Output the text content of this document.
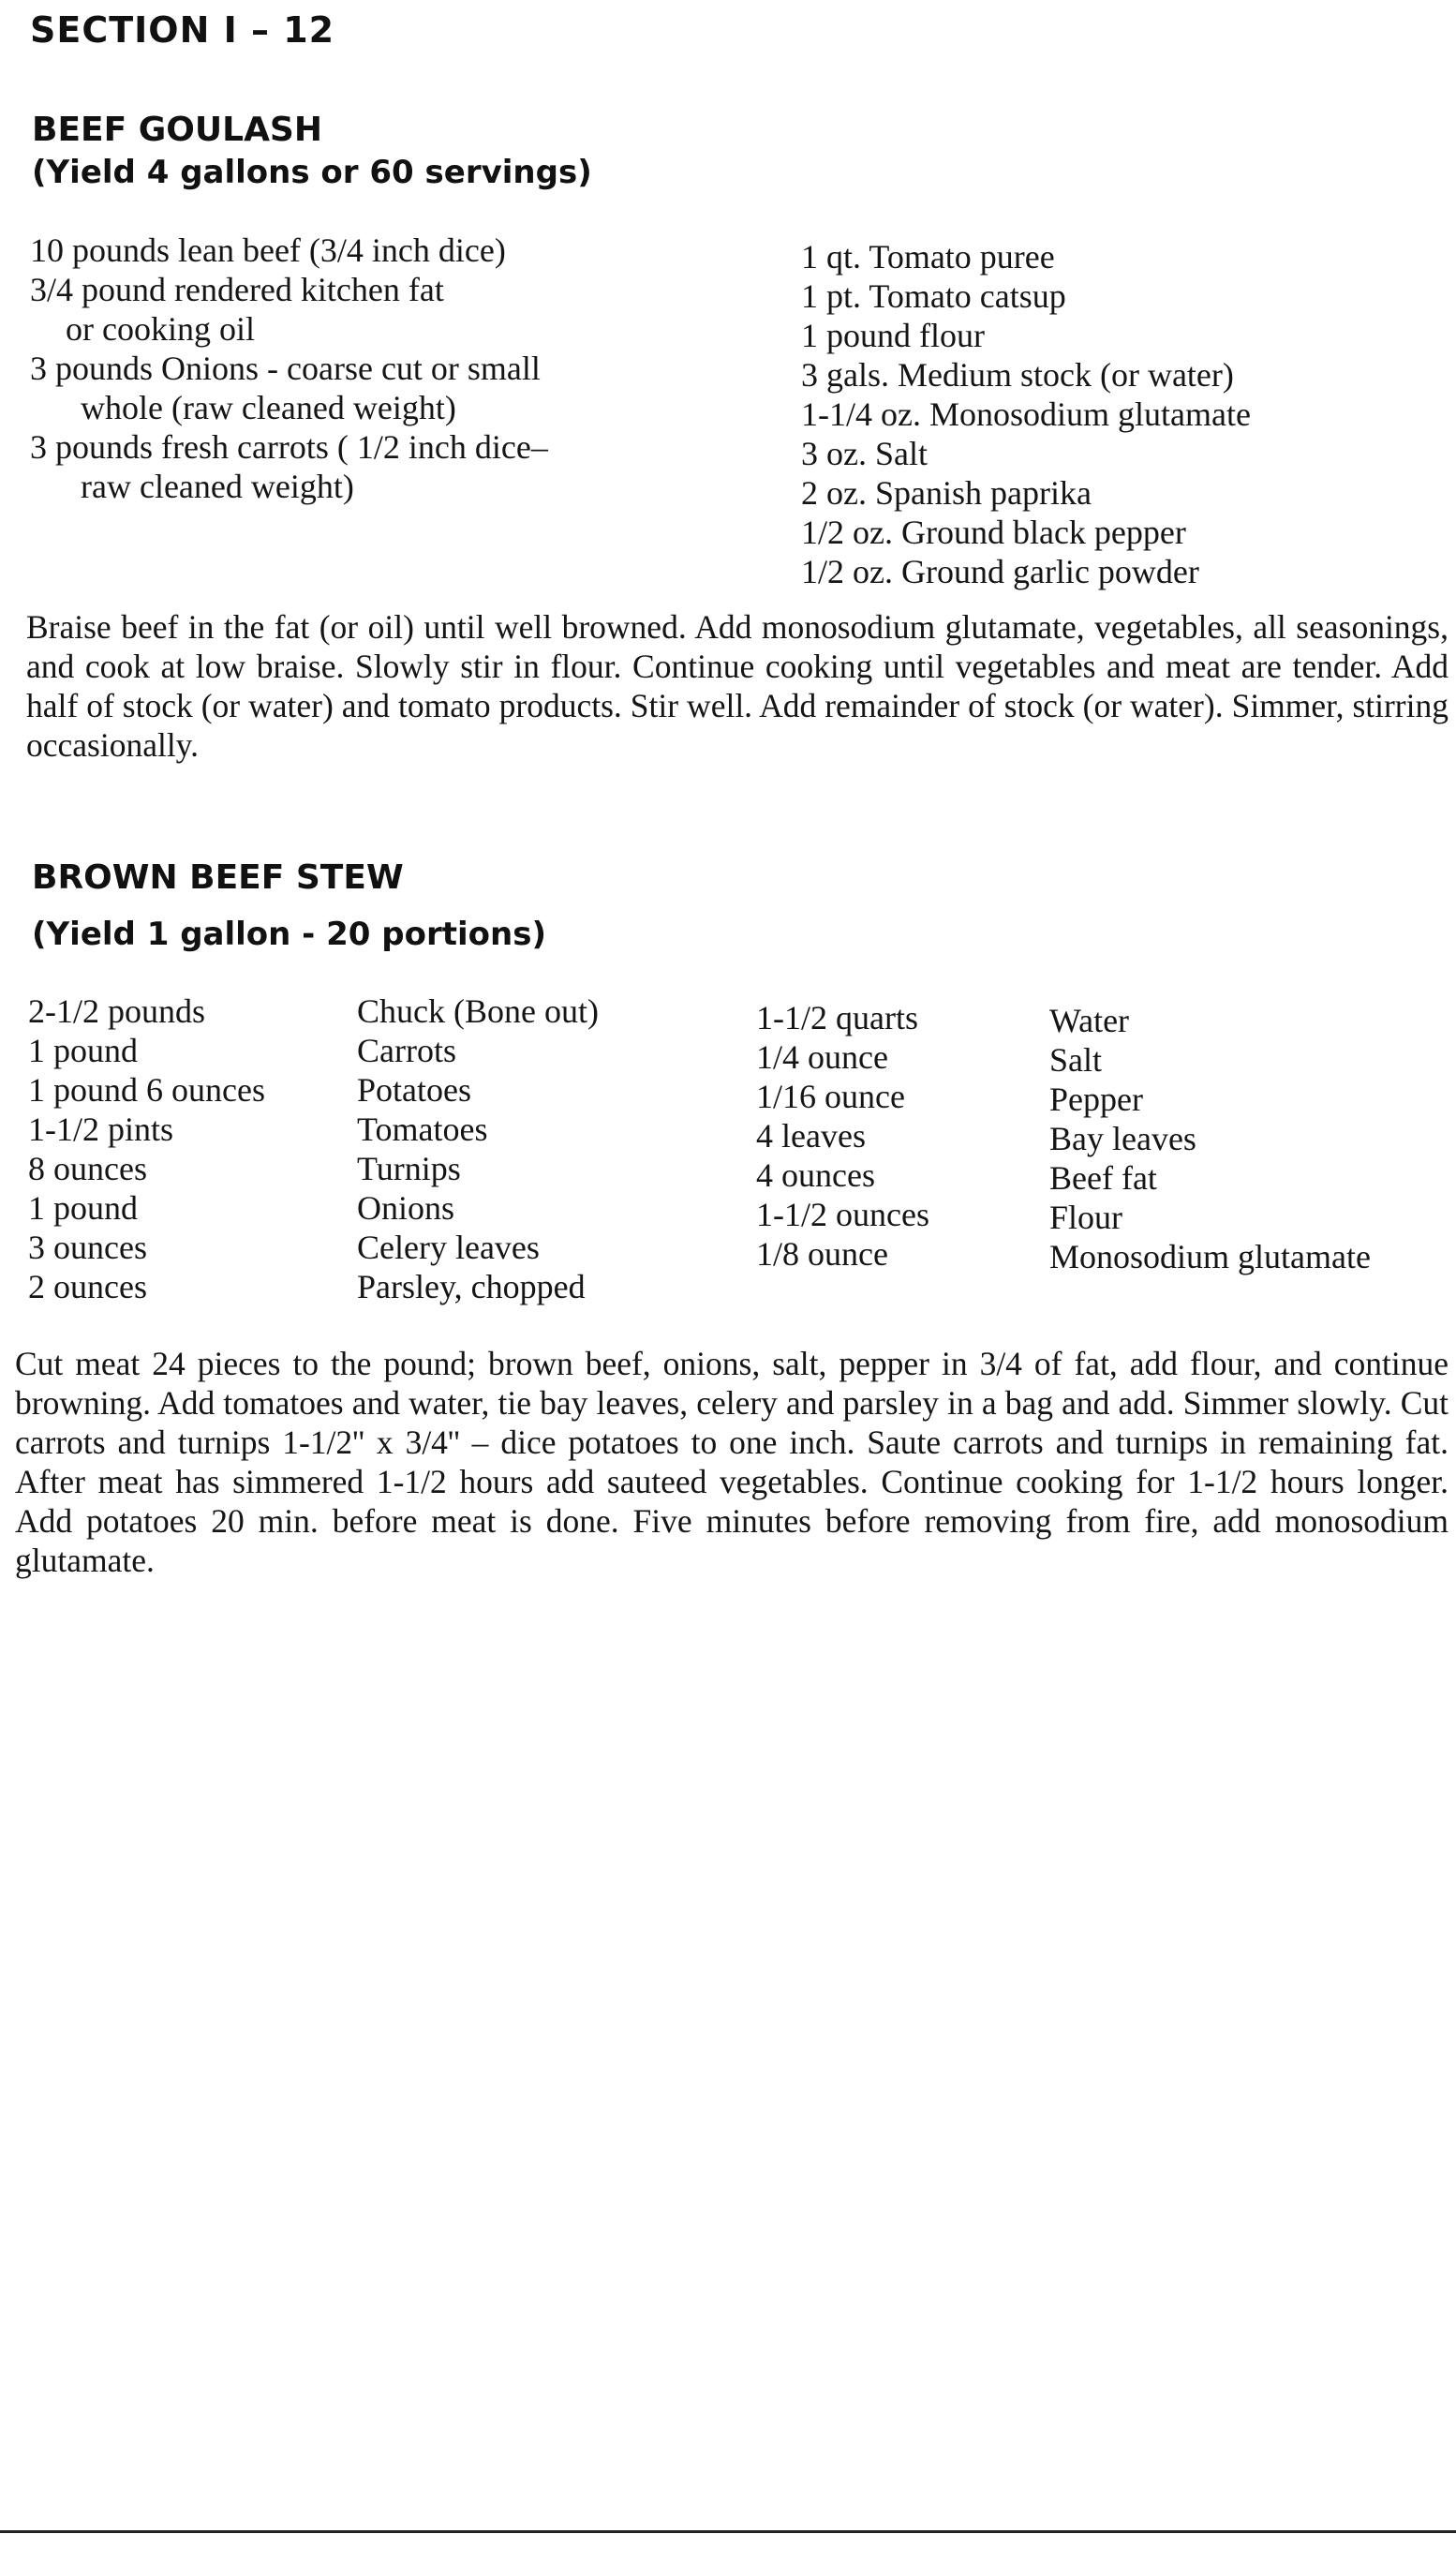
SECTION I – 12
BEEF GOULASH
(Yield 4 gallons or 60 servings)
10 pounds lean beef (3/4 inch dice)
3/4 pound rendered kitchen fat
or cooking oil
3 pounds Onions - coarse cut or small
whole (raw cleaned weight)
3 pounds fresh carrots ( 1/2 inch dice–
raw cleaned weight)
1 qt. Tomato puree
1 pt. Tomato catsup
1 pound flour
3 gals. Medium stock (or water)
1-1/4 oz. Monosodium glutamate
3 oz. Salt
2 oz. Spanish paprika
1/2 oz. Ground black pepper
1/2 oz. Ground garlic powder
Braise beef in the fat (or oil) until well browned. Add monosodium glutamate, vegetables, all seasonings, and cook at low braise. Slowly stir in flour. Continue cooking until vegetables and meat are tender. Add half of stock (or water) and tomato products. Stir well. Add remainder of stock (or water). Simmer, stirring occasionally.
BROWN BEEF STEW
(Yield 1 gallon - 20 portions)
2-1/2 pounds
1 pound
1 pound 6 ounces
1-1/2 pints
8 ounces
1 pound
3 ounces
2 ounces
Chuck (Bone out)
Carrots
Potatoes
Tomatoes
Turnips
Onions
Celery leaves
Parsley, chopped
1-1/2 quarts
1/4 ounce
1/16 ounce
4 leaves
4 ounces
1-1/2 ounces
1/8 ounce
Water
Salt
Pepper
Bay leaves
Beef fat
Flour
Monosodium glutamate
Cut meat 24 pieces to the pound; brown beef, onions, salt, pepper in 3/4 of fat, add flour, and continue browning. Add tomatoes and water, tie bay leaves, celery and parsley in a bag and add. Simmer slowly. Cut carrots and turnips 1-1/2'' x 3/4'' – dice potatoes to one inch. Saute carrots and turnips in remaining fat. After meat has simmered 1-1/2 hours add sauteed vegetables. Continue cooking for 1-1/2 hours longer. Add potatoes 20 min. before meat is done. Five minutes before removing from fire, add monosodium glutamate.
